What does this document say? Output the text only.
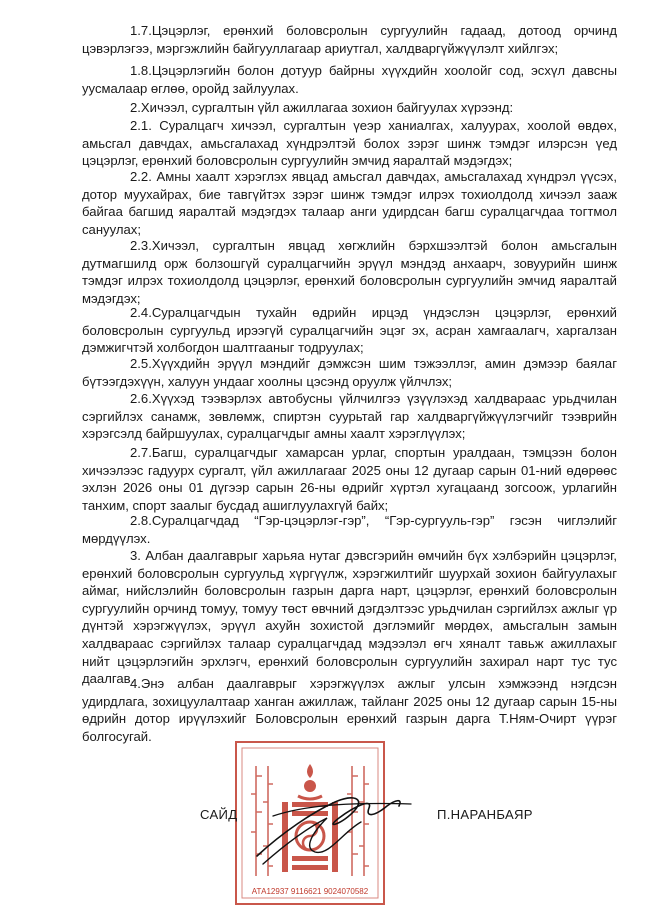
1.7.Цэцэрлэг, ерөнхий боловсролын сургуулийн гадаад, дотоод орчинд цэвэрлэгээ, мэргэжлийн байгууллагаар ариутгал, халдваргүйжүүлэлт хийлгэх;

1.8.Цэцэрлэгийн болон дотуур байрны хүүхдийн хоолойг сод, эсхүл давсны уусмалаар өглөө, оройд зайлуулах.

2.Хичээл, сургалтын үйл ажиллагаа зохион байгуулах хүрээнд:

2.1. Суралцагч хичээл, сургалтын үеэр ханиалгах, халуурах, хоолой өвдөх, амьсгал давчдах, амьсгалахад хүндрэлтэй болох зэрэг шинж тэмдэг илэрсэн үед цэцэрлэг, ерөнхий боловсролын сургуулийн эмчид яаралтай мэдэгдэх;

2.2. Амны хаалт хэрэглэх явцад амьсгал давчдах, амьсгалахад хүндрэл үүсэх, дотор муухайрах, бие тавгүйтэх зэрэг шинж тэмдэг илрэх тохиолдолд хичээл зааж байгаа багшид яаралтай мэдэгдэх талаар анги удирдсан багш суралцагчдаа тогтмол сануулах;

2.3.Хичээл, сургалтын явцад хөгжлийн бэрхшээлтэй болон амьсгалын дутмагшилд орж болзошгүй суралцагчийн эрүүл мэндэд анхаарч, зовуурийн шинж тэмдэг илрэх тохиолдолд цэцэрлэг, ерөнхий боловсролын сургуулийн эмчид яаралтай мэдэгдэх;

2.4.Суралцагчдын тухайн өдрийн ирцэд үндэслэн цэцэрлэг, ерөнхий боловсролын сургуульд ирээгүй суралцагчийн эцэг эх, асран хамгаалагч, харгалзан дэмжигчтэй холбогдон шалтгааныг тодруулах;

2.5.Хүүхдийн эрүүл мэндийг дэмжсэн шим тэжээллэг, амин дэмээр баялаг бүтээгдэхүүн, халуун ундааг хоолны цэсэнд оруулж үйлчлэх;

2.6.Хүүхэд тээвэрлэх автобусны үйлчилгээ үзүүлэхэд халдвараас урьдчилан сэргийлэх санамж, зөвлөмж, спиртэн суурьтай гар халдваргүйжүүлэгчийг тээврийн хэрэгсэлд байршуулах, суралцагчдыг амны хаалт хэрэглүүлэх;

2.7.Багш, суралцагчдыг хамарсан урлаг, спортын уралдаан, тэмцээн болон хичээлээс гадуурх сургалт, үйл ажиллагааг 2025 оны 12 дугаар сарын 01-ний өдөрөөс эхлэн 2026 оны 01 дүгээр сарын 26-ны өдрийг хүртэл хугацаанд зогсоож, урлагийн танхим, спорт заалыг бусдад ашиглуулахгүй байх;

2.8.Суралцагчдад “Гэр-цэцэрлэг-гэр”, “Гэр-сургууль-гэр” гэсэн чиглэлийг мөрдүүлэх.

3. Албан даалгаврыг харьяа нутаг дэвсгэрийн өмчийн бүх хэлбэрийн цэцэрлэг, ерөнхий боловсролын сургуульд хүргүүлж, хэрэгжилтийг шуурхай зохион байгуулахыг аймаг, нийслэлийн боловсролын газрын дарга нарт, цэцэрлэг, ерөнхий боловсролын сургуулийн орчинд томуу, томуу төст өвчний дэгдэлтээс урьдчилан сэргийлэх ажлыг үр дүнтэй хэрэгжүүлэх, эрүүл ахуйн зохистой дэглэмийг мөрдөх, амьсгалын замын халдвараас сэргийлэх талаар суралцагчдад мэдээлэл өгч хяналт тавьж ажиллахыг нийт цэцэрлэгийн эрхлэгч, ерөнхий боловсролын сургуулийн захирал нарт тус тус даалгав.

4.Энэ албан даалгаврыг хэрэгжүүлэх ажлыг улсын хэмжээнд нэгдсэн удирдлага, зохицуулалтаар ханган ажиллаж, тайланг 2025 оны 12 дугаар сарын 15-ны өдрийн дотор ирүүлэхийг Боловсролын ерөнхий газрын дарга Т.Ням-Очирт үүрэг болгосугай.

АТА12937 9116621 9024070582
САЙД	П.НАРАНБАЯР
